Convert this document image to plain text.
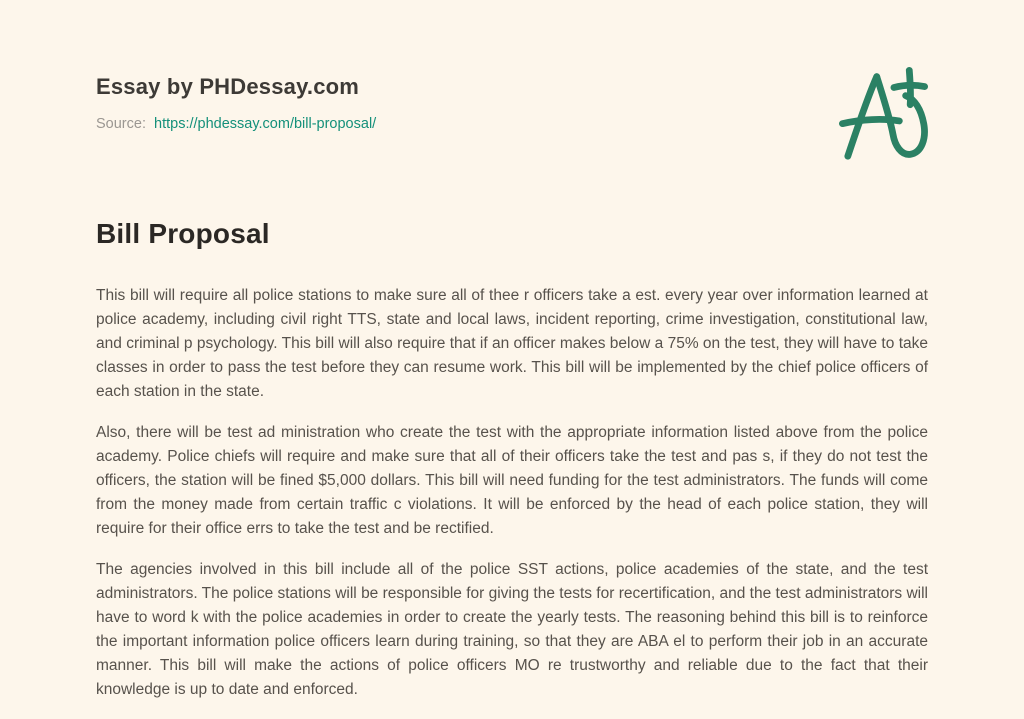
Essay by PHDessay.com
Source: https://phdessay.com/bill-proposal/
Bill Proposal

This bill will require all police stations to make sure all of thee r officers take a est. every year over information learned at police academy, including civil right TTS, state and local laws, incident reporting, crime investigation, constitutional law, and criminal p psychology. This bill will also require that if an officer makes below a 75% on the test, they will have to take classes in order to pass the test before they can resume work. This bill will be implemented by the chief police officers of each station in the state.

Also, there will be test ad ministration who create the test with the appropriate information listed above from the police academy. Police chiefs will require and make sure that all of their officers take the test and pas s, if they do not test the officers, the station will be fined $5,000 dollars. This bill will need funding for the test administrators. The funds will come from the money made from certain traffic c violations. It will be enforced by the head of each police station, they will require for their office errs to take the test and be rectified.

The agencies involved in this bill include all of the police SST actions, police academies of the state, and the test administrators. The police stations will be responsible for giving the tests for recertification, and the test administrators will have to word k with the police academies in order to create the yearly tests. The reasoning behind this bill is to reinforce the important information police officers learn during training, so that they are ABA el to perform their job in an accurate manner. This bill will make the actions of police officers MO re trustworthy and reliable due to the fact that their knowledge is up to date and enforced.
